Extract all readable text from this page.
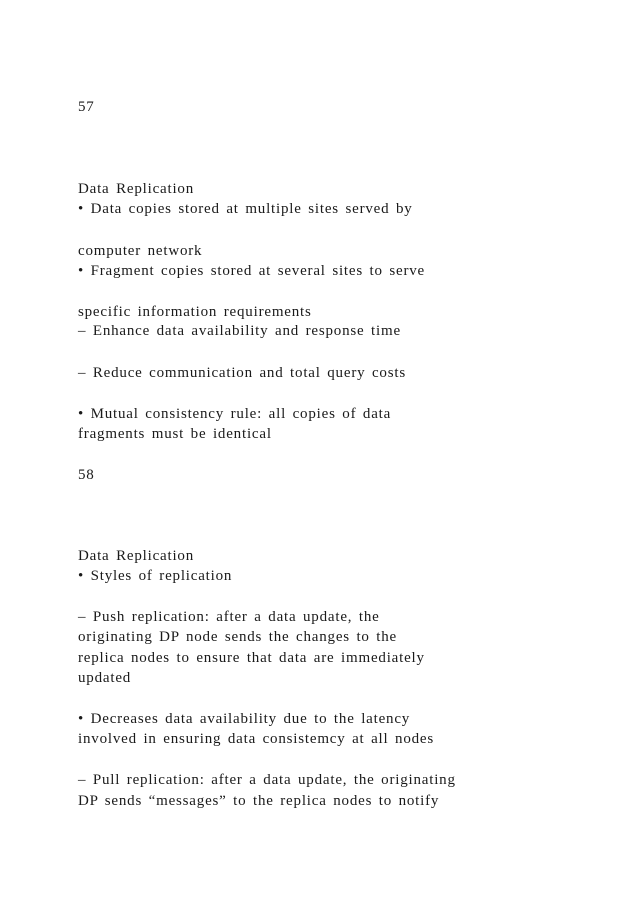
57
Data Replication
• Data copies stored at multiple sites served by
computer network
• Fragment copies stored at several sites to serve
specific information requirements
– Enhance data availability and response time
– Reduce communication and total query costs
• Mutual consistency rule: all copies of data
fragments must be identical
58
Data Replication
• Styles of replication
– Push replication: after a data update, the
originating DP node sends the changes to the
replica nodes to ensure that data are immediately
updated
• Decreases data availability due to the latency
involved in ensuring data consistemcy at all nodes
– Pull replication: after a data update, the originating
DP sends “messages” to the replica nodes to notify
